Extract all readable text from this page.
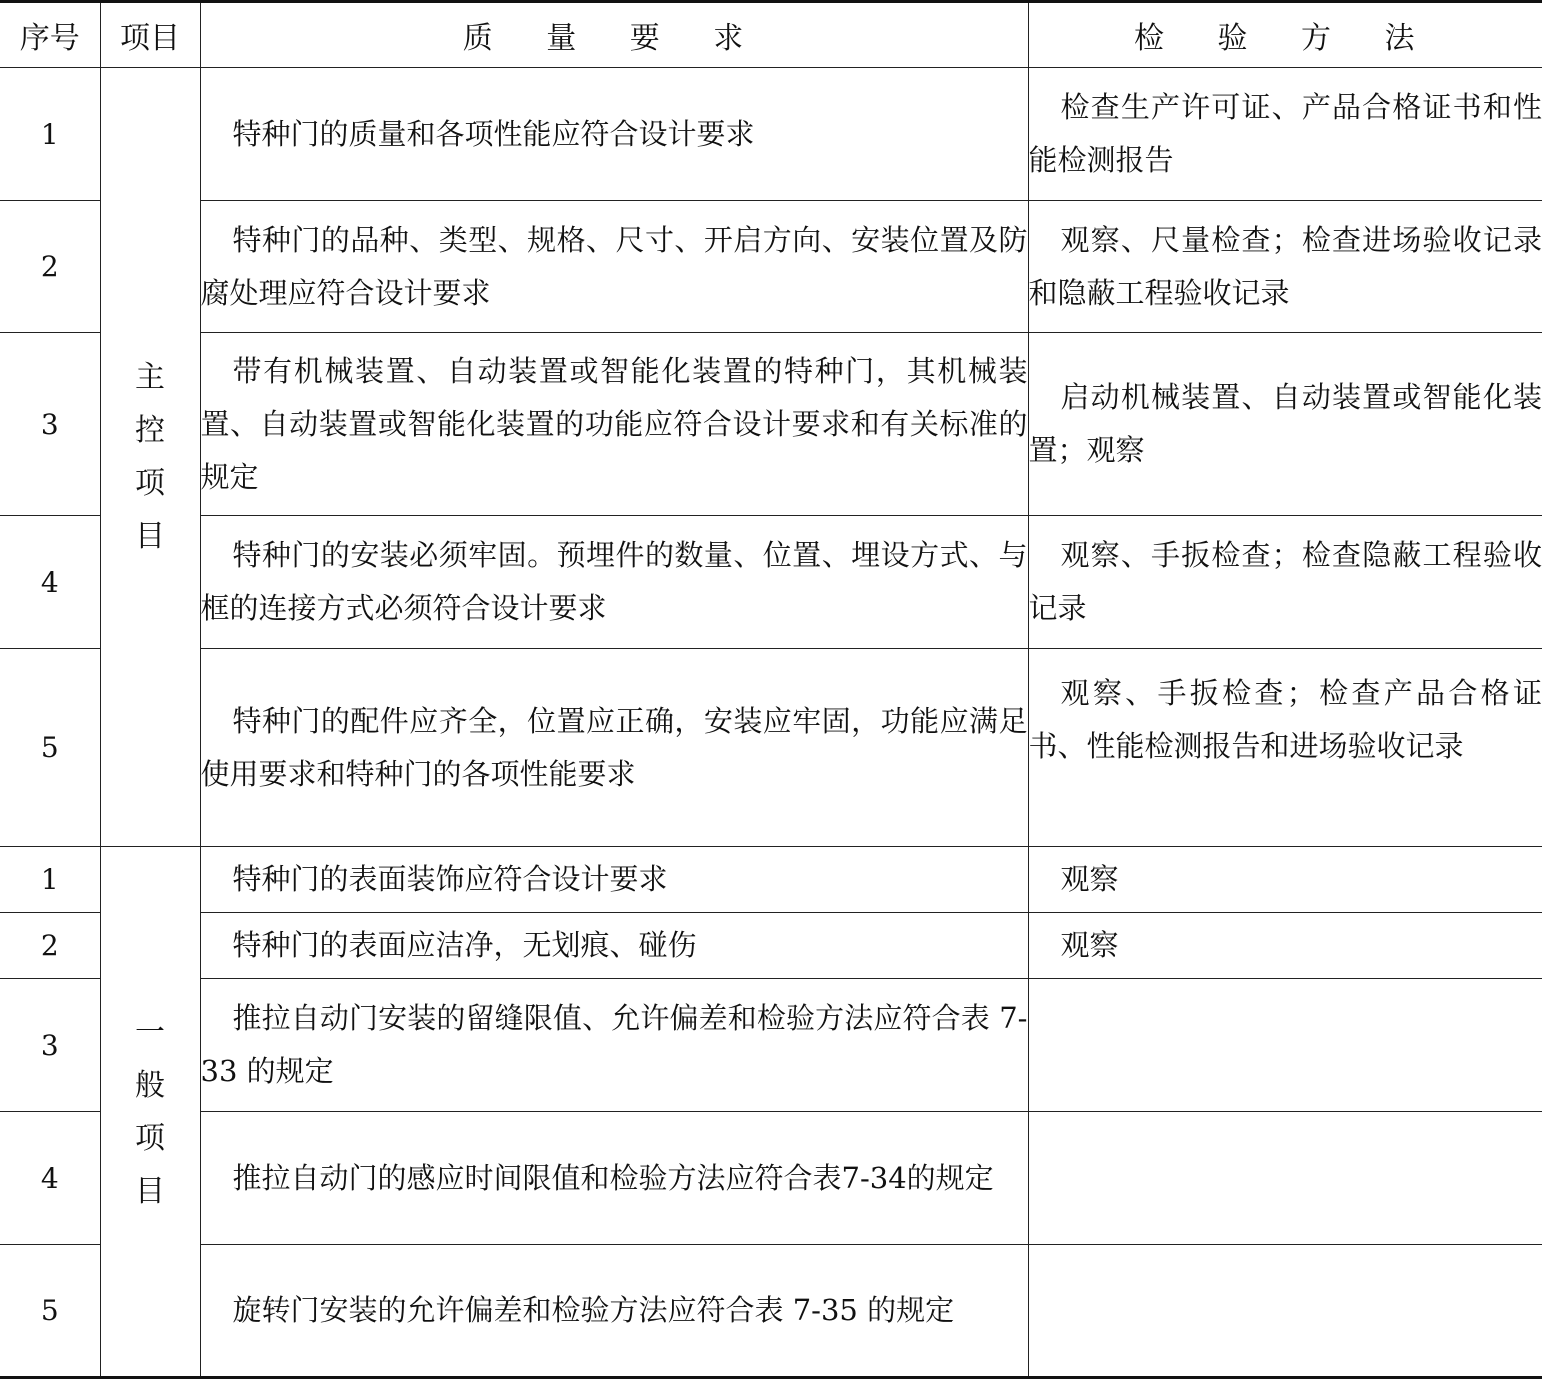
序号	项目	质 量 要 求	检 验 方 法
1	主控项目	特种门的质量和各项性能应符合设计要求	检查生产许可证、产品合格证书和性能检测报告
2		特种门的品种、类型、规格、尺寸、开启方向、安装位置及防腐处理应符合设计要求	观察、尺量检查；检查进场验收记录和隐蔽工程验收记录
3		带有机械装置、自动装置或智能化装置的特种门，其机械装置、自动装置或智能化装置的功能应符合设计要求和有关标准的规定	启动机械装置、自动装置或智能化装置；观察
4		特种门的安装必须牢固。预埋件的数量、位置、埋设方式、与框的连接方式必须符合设计要求	观察、手扳检查；检查隐蔽工程验收记录
5		特种门的配件应齐全，位置应正确，安装应牢固，功能应满足使用要求和特种门的各项性能要求	观察、手扳检查；检查产品合格证书、性能检测报告和进场验收记录
1	一般项目	特种门的表面装饰应符合设计要求	观察
2		特种门的表面应洁净，无划痕、碰伤	观察
3		推拉自动门安装的留缝限值、允许偏差和检验方法应符合表 7-33 的规定	
4		推拉自动门的感应时间限值和检验方法应符合表7-34的规定	
5		旋转门安装的允许偏差和检验方法应符合表 7-35 的规定	
